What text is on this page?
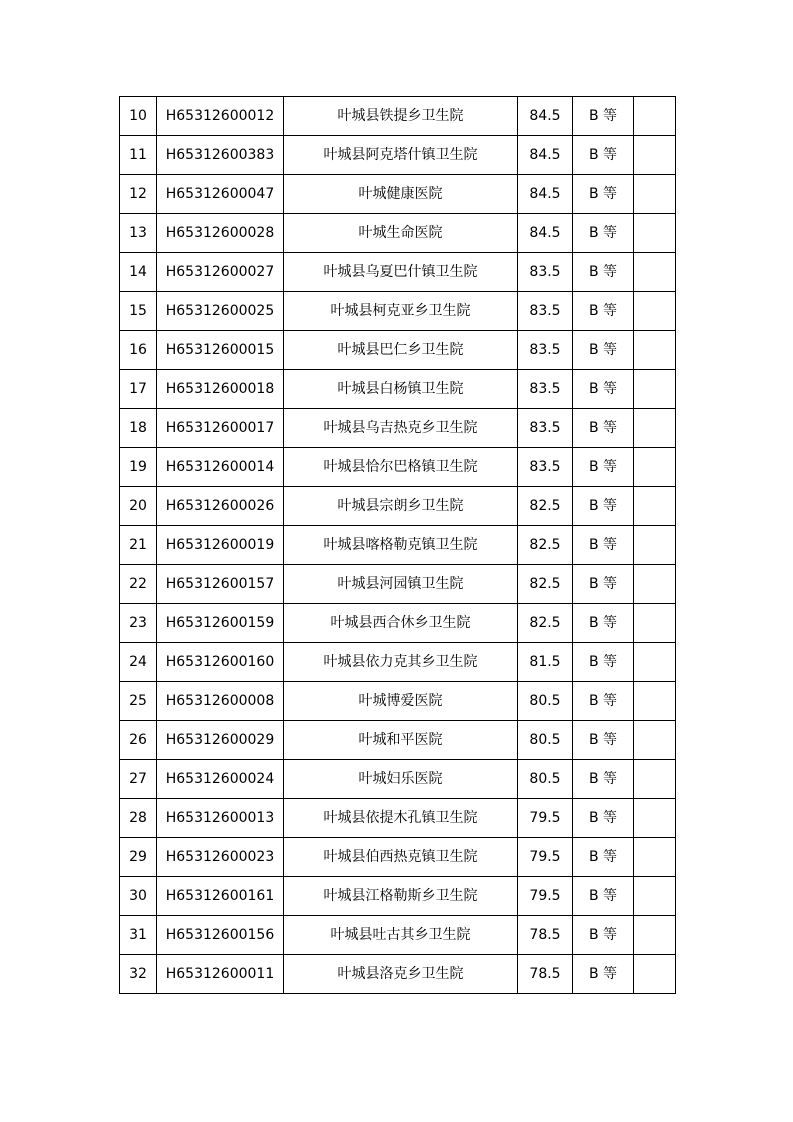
10	H65312600012	叶城县铁提乡卫生院	84.5	B 等	
11	H65312600383	叶城县阿克塔什镇卫生院	84.5	B 等	
12	H65312600047	叶城健康医院	84.5	B 等	
13	H65312600028	叶城生命医院	84.5	B 等	
14	H65312600027	叶城县乌夏巴什镇卫生院	83.5	B 等	
15	H65312600025	叶城县柯克亚乡卫生院	83.5	B 等	
16	H65312600015	叶城县巴仁乡卫生院	83.5	B 等	
17	H65312600018	叶城县白杨镇卫生院	83.5	B 等	
18	H65312600017	叶城县乌吉热克乡卫生院	83.5	B 等	
19	H65312600014	叶城县恰尔巴格镇卫生院	83.5	B 等	
20	H65312600026	叶城县宗朗乡卫生院	82.5	B 等	
21	H65312600019	叶城县喀格勒克镇卫生院	82.5	B 等	
22	H65312600157	叶城县河园镇卫生院	82.5	B 等	
23	H65312600159	叶城县西合休乡卫生院	82.5	B 等	
24	H65312600160	叶城县依力克其乡卫生院	81.5	B 等	
25	H65312600008	叶城博爱医院	80.5	B 等	
26	H65312600029	叶城和平医院	80.5	B 等	
27	H65312600024	叶城妇乐医院	80.5	B 等	
28	H65312600013	叶城县依提木孔镇卫生院	79.5	B 等	
29	H65312600023	叶城县伯西热克镇卫生院	79.5	B 等	
30	H65312600161	叶城县江格勒斯乡卫生院	79.5	B 等	
31	H65312600156	叶城县吐古其乡卫生院	78.5	B 等	
32	H65312600011	叶城县洛克乡卫生院	78.5	B 等	
